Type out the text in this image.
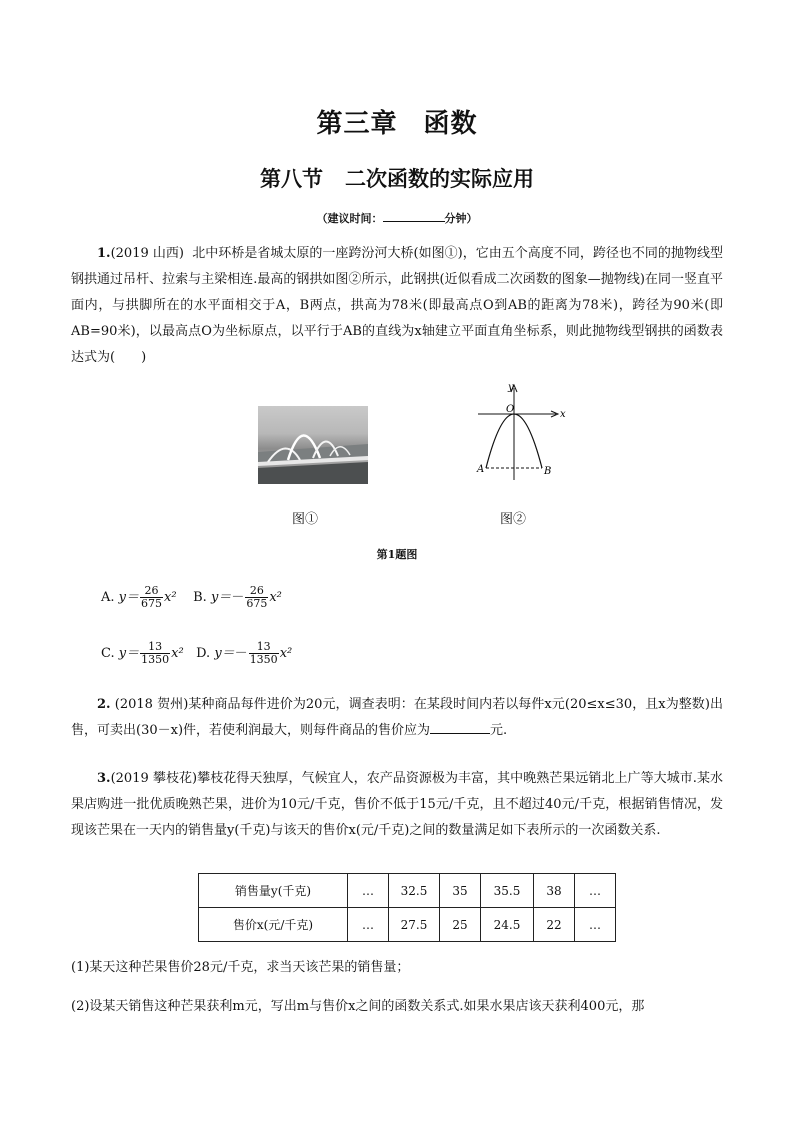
第三章 函数
第八节 二次函数的实际应用
（建议时间：	分钟）
1.(2019 山西) 北中环桥是省城太原的一座跨汾河大桥(如图①)，它由五个高度不同，跨径也不同的抛物线型钢拱通过吊杆、拉索与主梁相连.最高的钢拱如图②所示，此钢拱(近似看成二次函数的图象—抛物线)在同一竖直平面内，与拱脚所在的水平面相交于A，B两点，拱高为78米(即最高点O到AB的距离为78米)，跨径为90米(即AB=90米)，以最高点O为坐标原点，以平行于AB的直线为x轴建立平面直角坐标系，则此抛物线型钢拱的函数表达式为(　　)
图①
y
x
O
A	B
图②
第1题图
A. $y= \frac{26}{675} x^2$ B. $y=- \frac{26}{675} x^2$
C. $y= \frac{13}{1350} x^2$ D. $y=- \frac{13}{1350} x^2$
2. (2018 贺州)某种商品每件进价为20元，调查表明：在某段时间内若以每件x元(20≤x≤30，且x为整数)出售，可卖出(30－x)件，若使利润最大，则每件商品的售价应为	元.
3.(2019 攀枝花)攀枝花得天独厚，气候宜人，农产品资源极为丰富，其中晚熟芒果远销北上广等大城市.某水果店购进一批优质晚熟芒果，进价为10元/千克，售价不低于15元/千克，且不超过40元/千克，根据销售情况，发现该芒果在一天内的销售量y(千克)与该天的售价x(元/千克)之间的数量满足如下表所示的一次函数关系.
销售量y(千克)	…	32.5	35	35.5	38	…
售价x(元/千克)	…	27.5	25	24.5	22	…
(1)某天这种芒果售价28元/千克，求当天该芒果的销售量；
(2)设某天销售这种芒果获利m元，写出m与售价x之间的函数关系式.如果水果店该天获利400元，那
